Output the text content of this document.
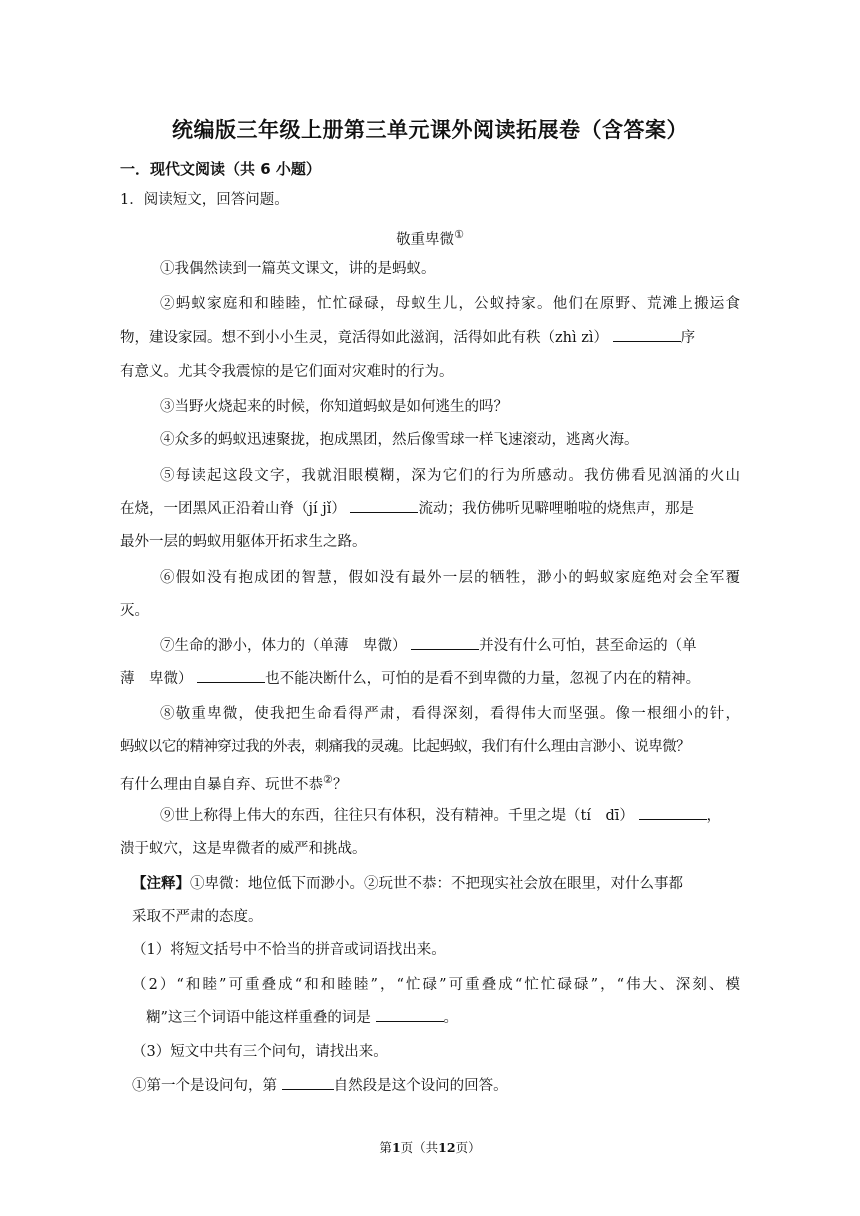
统编版三年级上册第三单元课外阅读拓展卷（含答案）
一．现代文阅读（共 6 小题）
1．阅读短文，回答问题。
敬重卑微①
①我偶然读到一篇英文课文，讲的是蚂蚁。
②蚂蚁家庭和和睦睦，忙忙碌碌，母蚁生儿，公蚁持家。他们在原野、荒滩上搬运食
物，建设家园。想不到小小生灵，竟活得如此滋润，活得如此有秩（zhì zì）	序
有意义。尤其令我震惊的是它们面对灾难时的行为。
③当野火烧起来的时候，你知道蚂蚁是如何逃生的吗？
④众多的蚂蚁迅速聚拢，抱成黑团，然后像雪球一样飞速滚动，逃离火海。
⑤每读起这段文字，我就泪眼模糊，深为它们的行为所感动。我仿佛看见汹涌的火山
在烧，一团黑风正沿着山脊（jí jǐ）	流动；我仿佛听见噼哩啪啦的烧焦声，那是
最外一层的蚂蚁用躯体开拓求生之路。
⑥假如没有抱成团的智慧，假如没有最外一层的牺牲，渺小的蚂蚁家庭绝对会全军覆
灭。
⑦生命的渺小，体力的（单薄　卑微）	并没有什么可怕，甚至命运的（单
薄　卑微）	也不能决断什么，可怕的是看不到卑微的力量，忽视了内在的精神。
⑧敬重卑微，使我把生命看得严肃，看得深刻，看得伟大而坚强。像一根细小的针，
蚂蚁以它的精神穿过我的外表，刺痛我的灵魂。比起蚂蚁，我们有什么理由言渺小、说卑微？
有什么理由自暴自弃、玩世不恭②？
⑨世上称得上伟大的东西，往往只有体积，没有精神。千里之堤（tí　dī）	，
溃于蚁穴，这是卑微者的威严和挑战。
【注释】①卑微：地位低下而渺小。②玩世不恭：不把现实社会放在眼里，对什么事都
采取不严肃的态度。
（1）将短文括号中不恰当的拼音或词语找出来。
（2）“和睦”可重叠成“和和睦睦”，“忙碌”可重叠成“忙忙碌碌”，“伟大、深刻、模
糊”这三个词语中能这样重叠的词是	。
（3）短文中共有三个问句，请找出来。
①第一个是设问句，第	自然段是这个设问的回答。
第1页（共12页）
